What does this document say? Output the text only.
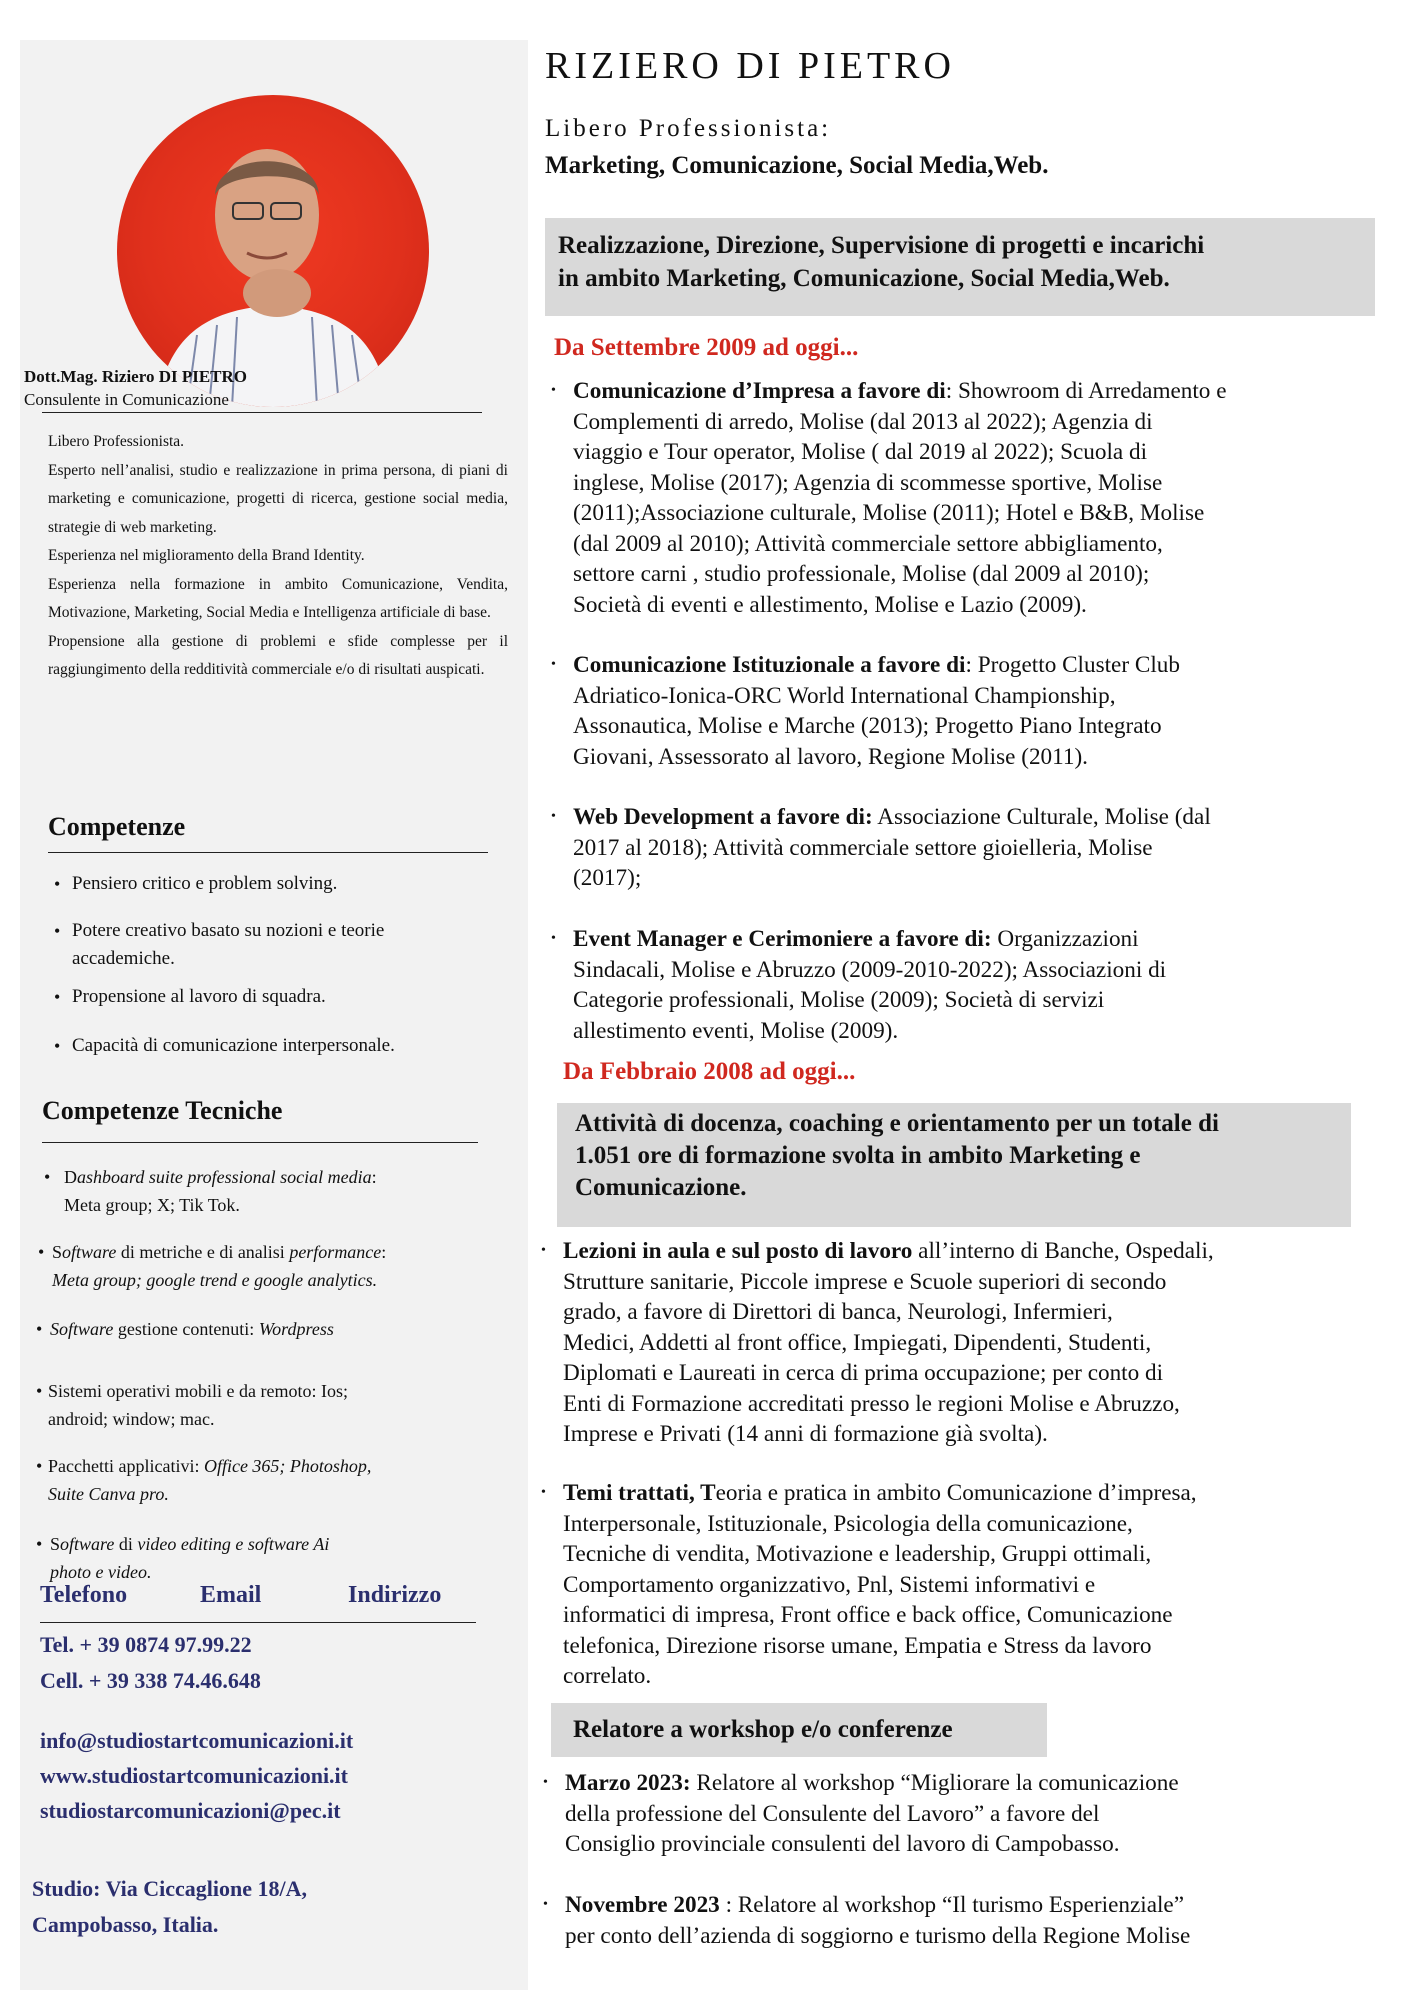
Dott.Mag. Riziero DI PIETRO
Consulente in Comunicazione
Libero Professionista.
Esperto nell’analisi, studio e realizzazione in prima persona, di piani di marketing e comunicazione, progetti di ricerca, gestione social media, strategie di web marketing.
Esperienza nel miglioramento della Brand Identity.
Esperienza nella formazione in ambito Comunicazione, Vendita, Motivazione, Marketing, Social Media e Intelligenza artificiale di base.
Propensione alla gestione di problemi e sfide complesse per il raggiungimento della redditività commerciale e/o di risultati auspicati.
Competenze
• Pensiero critico e problem solving.
• Potere creativo basato su nozioni e teorie accademiche.
• Propensione al lavoro di squadra.
• Capacità di comunicazione interpersonale.
Competenze Tecniche
• Dashboard suite professional social media:
Meta group; X; Tik Tok.
• Software di metriche e di analisi performance:
Meta group; google trend e google analytics.
• Software gestione contenuti: Wordpress
• Sistemi operativi mobili e da remoto: Ios;
android; window; mac.
• Pacchetti applicativi: Office 365; Photoshop,
Suite Canva pro.
• Software di video editing e software Ai
photo e video.
Telefono	Email	Indirizzo
Tel. + 39 0874 97.99.22
Cell. + 39 338 74.46.648
info@studiostartcomunicazioni.it
www.studiostartcomunicazioni.it
studiostarcomunicazioni@pec.it
Studio: Via Ciccaglione 18/A,
Campobasso, Italia.
RIZIERO DI PIETRO
Libero Professionista:
Marketing, Comunicazione, Social Media,Web.
Realizzazione, Direzione, Supervisione di progetti e incarichi
in ambito Marketing, Comunicazione, Social Media,Web.
Da Settembre 2009 ad oggi...
• Comunicazione d’Impresa a favore di: Showroom di Arredamento e
Complementi di arredo, Molise (dal 2013 al 2022); Agenzia di
viaggio e Tour operator, Molise ( dal 2019 al 2022); Scuola di
inglese, Molise (2017); Agenzia di scommesse sportive, Molise
(2011);Associazione culturale, Molise (2011); Hotel e B&B, Molise
(dal 2009 al 2010); Attività commerciale settore abbigliamento,
settore carni , studio professionale, Molise (dal 2009 al 2010);
Società di eventi e allestimento, Molise e Lazio (2009).
• Comunicazione Istituzionale a favore di: Progetto Cluster Club
Adriatico-Ionica-ORC World International Championship,
Assonautica, Molise e Marche (2013); Progetto Piano Integrato
Giovani, Assessorato al lavoro, Regione Molise (2011).
• Web Development a favore di: Associazione Culturale, Molise (dal
2017 al 2018); Attività commerciale settore gioielleria, Molise
(2017);
• Event Manager e Cerimoniere a favore di: Organizzazioni
Sindacali, Molise e Abruzzo (2009-2010-2022); Associazioni di
Categorie professionali, Molise (2009); Società di servizi
allestimento eventi, Molise (2009).
Da Febbraio 2008 ad oggi...
Attività di docenza, coaching e orientamento per un totale di
1.051 ore di formazione svolta in ambito Marketing e
Comunicazione.
• Lezioni in aula e sul posto di lavoro all’interno di Banche, Ospedali,
Strutture sanitarie, Piccole imprese e Scuole superiori di secondo
grado, a favore di Direttori di banca, Neurologi, Infermieri,
Medici, Addetti al front office, Impiegati, Dipendenti, Studenti,
Diplomati e Laureati in cerca di prima occupazione; per conto di
Enti di Formazione accreditati presso le regioni Molise e Abruzzo,
Imprese e Privati (14 anni di formazione già svolta).
• Temi trattati, Teoria e pratica in ambito Comunicazione d’impresa,
Interpersonale, Istituzionale, Psicologia della comunicazione,
Tecniche di vendita, Motivazione e leadership, Gruppi ottimali,
Comportamento organizzativo, Pnl, Sistemi informativi e
informatici di impresa, Front office e back office, Comunicazione
telefonica, Direzione risorse umane, Empatia e Stress da lavoro
correlato.
Relatore a workshop e/o conferenze
• Marzo 2023: Relatore al workshop “Migliorare la comunicazione
della professione del Consulente del Lavoro” a favore del
Consiglio provinciale consulenti del lavoro di Campobasso.
• Novembre 2023 : Relatore al workshop “Il turismo Esperienziale”
per conto dell’azienda di soggiorno e turismo della Regione Molise
